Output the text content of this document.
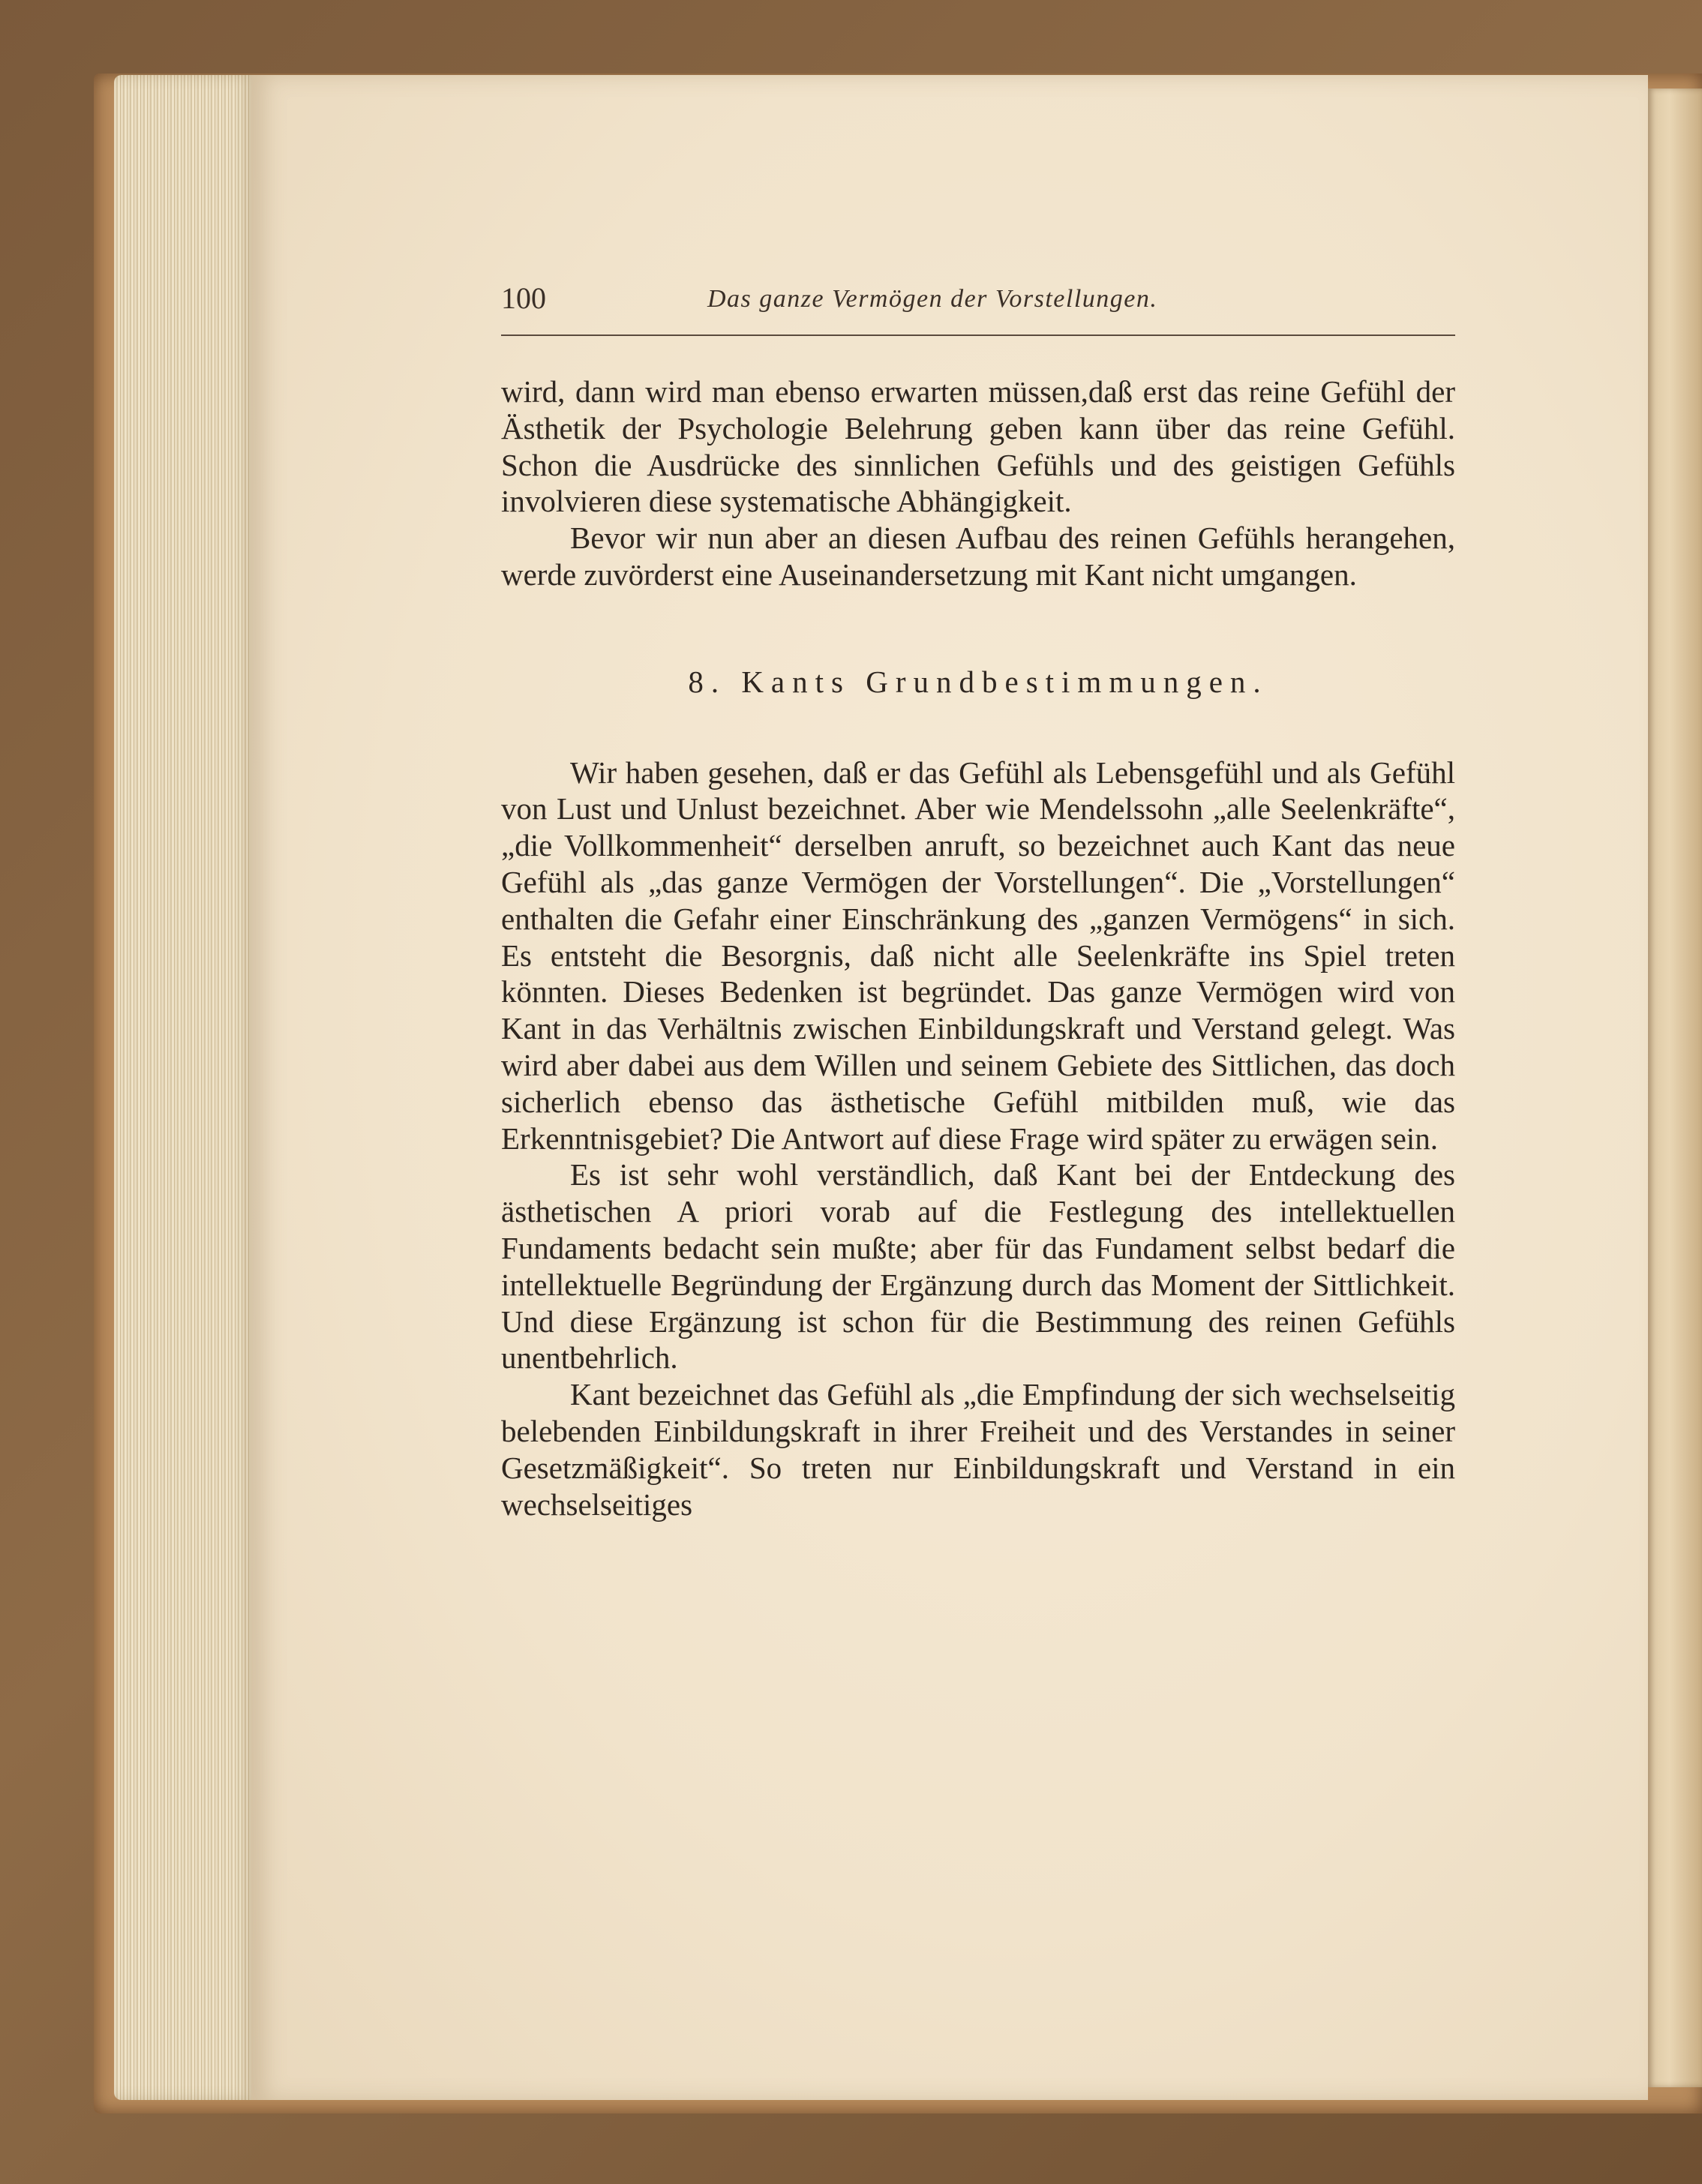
100	Das ganze Vermögen der Vorstellungen.

wird, dann wird man ebenso erwarten müssen,daß erst das reine Gefühl der Ästhetik der Psychologie Belehrung geben kann über das reine Gefühl. Schon die Ausdrücke des sinnlichen Gefühls und des geistigen Gefühls involvieren diese systematische Abhängigkeit.

Bevor wir nun aber an diesen Aufbau des reinen Gefühls herangehen, werde zuvörderst eine Auseinandersetzung mit Kant nicht umgangen.

8. Kants Grundbestimmungen.

Wir haben gesehen, daß er das Gefühl als Lebensgefühl und als Gefühl von Lust und Unlust bezeichnet. Aber wie Mendelssohn „alle Seelenkräfte“, „die Vollkommenheit“ derselben anruft, so bezeichnet auch Kant das neue Gefühl als „das ganze Vermögen der Vorstellungen“. Die „Vorstellungen“ enthalten die Gefahr einer Einschränkung des „ganzen Vermögens“ in sich. Es entsteht die Besorgnis, daß nicht alle Seelenkräfte ins Spiel treten könnten. Dieses Bedenken ist begründet. Das ganze Vermögen wird von Kant in das Verhältnis zwischen Einbildungskraft und Verstand gelegt. Was wird aber dabei aus dem Willen und seinem Gebiete des Sittlichen, das doch sicherlich ebenso das ästhetische Gefühl mitbilden muß, wie das Erkenntnisgebiet? Die Antwort auf diese Frage wird später zu erwägen sein.

Es ist sehr wohl verständlich, daß Kant bei der Entdeckung des ästhetischen A priori vorab auf die Festlegung des intellektuellen Fundaments bedacht sein mußte; aber für das Fundament selbst bedarf die intellektuelle Begründung der Ergänzung durch das Moment der Sittlichkeit. Und diese Ergänzung ist schon für die Bestimmung des reinen Gefühls unentbehrlich.

Kant bezeichnet das Gefühl als „die Empfindung der sich wechselseitig belebenden Einbildungskraft in ihrer Freiheit und des Verstandes in seiner Gesetzmäßigkeit“. So treten nur Einbildungskraft und Verstand in ein wechselseitiges
